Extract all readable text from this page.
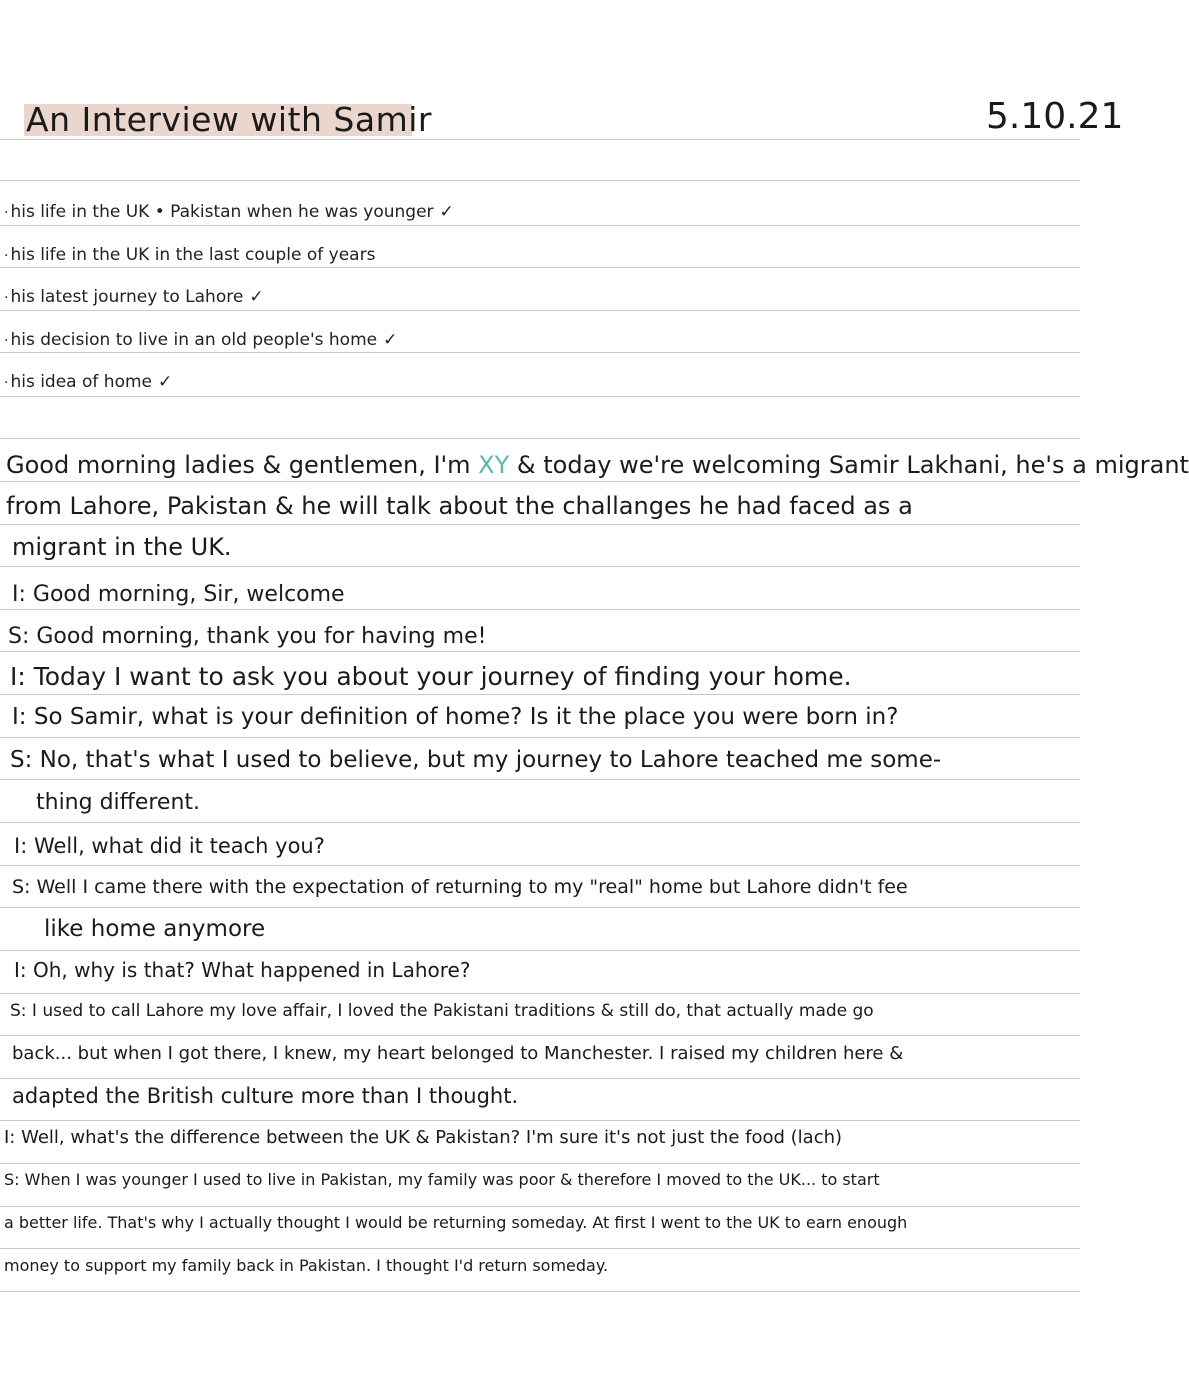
An Interview with Samir	5.10.21
· his life in the UK • Pakistan when he was younger ✓
· his life in the UK in the last couple of years
· his latest journey to Lahore ✓
· his decision to live in an old people's home ✓
· his idea of home ✓
Good morning ladies & gentlemen, I'm XY & today we're welcoming Samir Lakhani, he's a migrant
from Lahore, Pakistan & he will talk about the challanges he had faced as a
migrant in the UK.
I: Good morning, Sir, welcome
S: Good morning, thank you for having me!
I: Today I want to ask you about your journey of finding your home.
I: So Samir, what is your definition of home? Is it the place you were born in?
S: No, that's what I used to believe, but my journey to Lahore teached me some-
thing different.
I: Well, what did it teach you?
S: Well I came there with the expectation of returning to my "real" home but Lahore didn't fee
like home anymore
I: Oh, why is that? What happened in Lahore?
S: I used to call Lahore my love affair, I loved the Pakistani traditions & still do, that actually made go
back... but when I got there, I knew, my heart belonged to Manchester. I raised my children here &
adapted the British culture more than I thought.
I: Well, what's the difference between the UK & Pakistan? I'm sure it's not just the food (lach)
S: When I was younger I used to live in Pakistan, my family was poor & therefore I moved to the UK... to start
a better life. That's why I actually thought I would be returning someday. At first I went to the UK to earn enough
money to support my family back in Pakistan. I thought I'd return someday.
